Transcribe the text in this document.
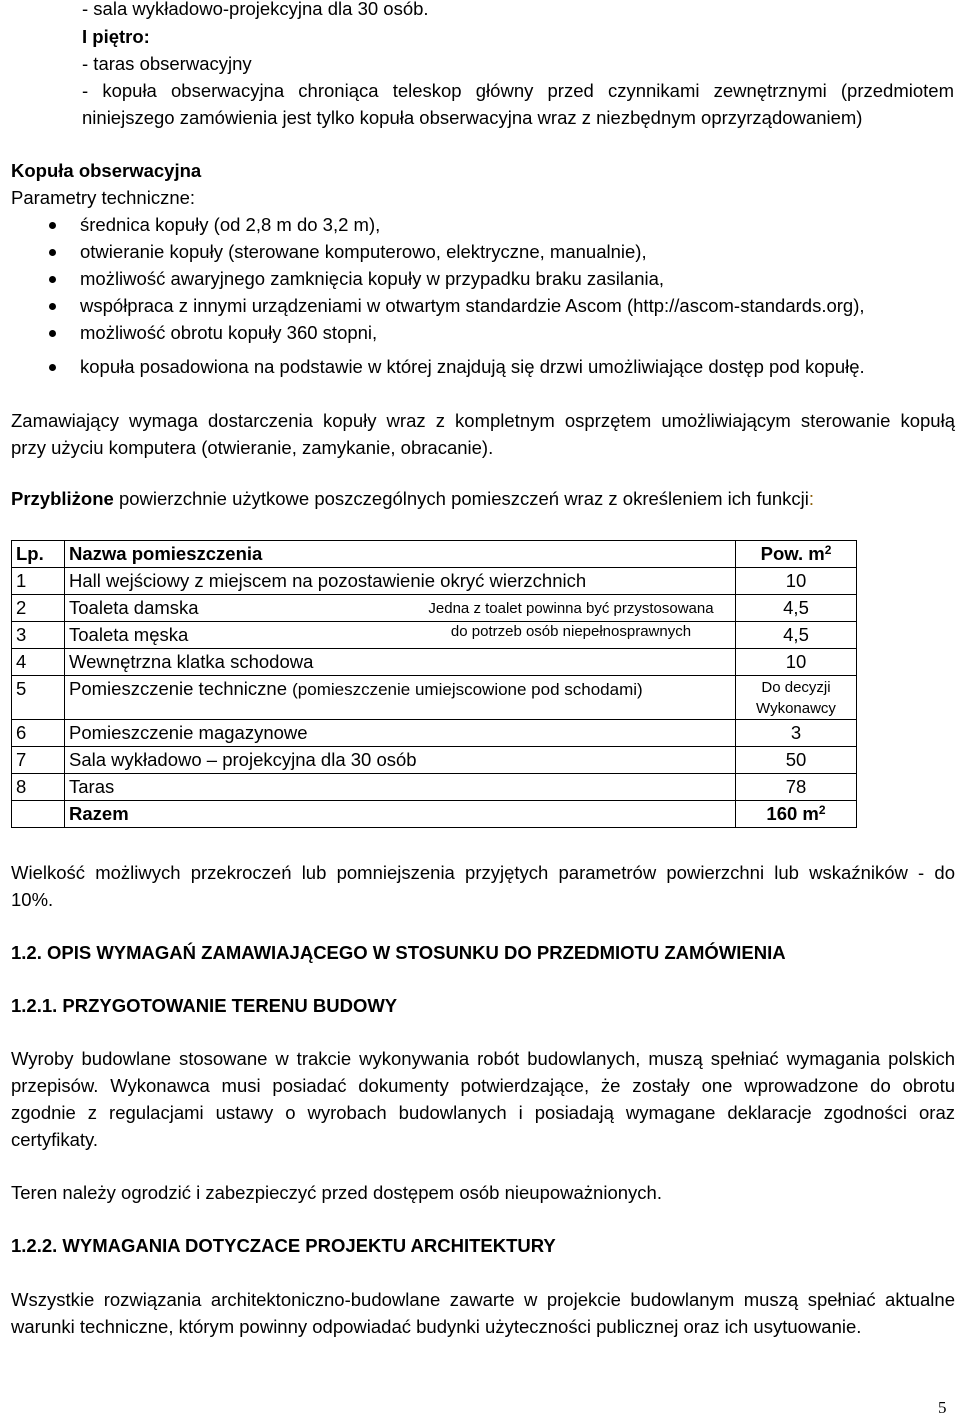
- sala wykładowo-projekcyjna dla 30 osób.
I piętro:
- taras obserwacyjny
- kopuła obserwacyjna chroniąca teleskop główny przed czynnikami zewnętrznymi (przedmiotem
niniejszego zamówienia jest tylko kopuła obserwacyjna wraz z niezbędnym oprzyrządowaniem)
Kopuła obserwacyjna
Parametry techniczne:
średnica kopuły (od 2,8 m do 3,2 m),
otwieranie kopuły (sterowane komputerowo, elektryczne, manualnie),
możliwość awaryjnego zamknięcia kopuły w przypadku braku zasilania,
współpraca z innymi urządzeniami w otwartym standardzie Ascom (http://ascom-standards.org),
możliwość obrotu kopuły 360 stopni,
kopuła posadowiona na podstawie w której znajdują się drzwi umożliwiające dostęp pod kopułę.
Zamawiający wymaga dostarczenia kopuły wraz z kompletnym osprzętem umożliwiającym sterowanie kopułą
przy użyciu komputera (otwieranie, zamykanie, obracanie).
Przybliżone powierzchnie użytkowe poszczególnych pomieszczeń wraz z określeniem ich funkcji:
Lp.	Nazwa pomieszczenia	Pow. $m^2$
1	Hall wejściowy z miejscem na pozostawienie okryć wierzchnich	10
2	Toaleta damska Jedna z toalet powinna być przystosowana	4,5
3	Toaleta męska do potrzeb osób niepełnosprawnych	4,5
4	Wewnętrzna klatka schodowa	10
5	Pomieszczenie techniczne (pomieszczenie umiejscowione pod schodami)	Do decyzji
Wykonawcy

6	Pomieszczenie magazynowe	3
7	Sala wykładowo – projekcyjna dla 30 osób	50
8	Taras	78
	Razem	160 $m^2$
Wielkość możliwych przekroczeń lub pomniejszenia przyjętych parametrów powierzchni lub wskaźników - do
10%.
1.2. OPIS WYMAGAŃ ZAMAWIAJĄCEGO W STOSUNKU DO PRZEDMIOTU ZAMÓWIENIA
1.2.1. PRZYGOTOWANIE TERENU BUDOWY
Wyroby budowlane stosowane w trakcie wykonywania robót budowlanych, muszą spełniać wymagania polskich
przepisów. Wykonawca musi posiadać dokumenty potwierdzające, że zostały one wprowadzone do obrotu
zgodnie z regulacjami ustawy o wyrobach budowlanych i posiadają wymagane deklaracje zgodności oraz
certyfikaty.
Teren należy ogrodzić i zabezpieczyć przed dostępem osób nieupoważnionych.
1.2.2. WYMAGANIA DOTYCZACE PROJEKTU ARCHITEKTURY
Wszystkie rozwiązania architektoniczno-budowlane zawarte w projekcie budowlanym muszą spełniać aktualne
warunki techniczne, którym powinny odpowiadać budynki użyteczności publicznej oraz ich usytuowanie.
5
